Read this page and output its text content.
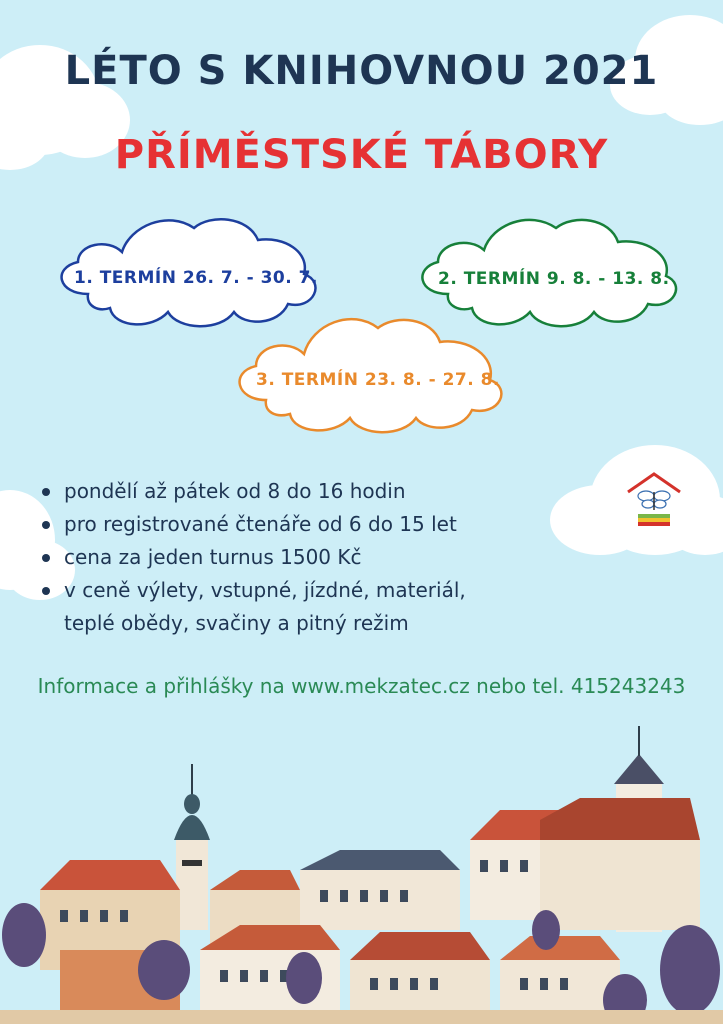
LÉTO S KNIHOVNOU 2021
PŘÍMĚSTSKÉ TÁBORY
1. TERMÍN 26. 7. - 30. 7.	2. TERMÍN 9. 8. - 13. 8.
3. TERMÍN 23. 8. - 27. 8.
pondělí až pátek od 8 do 16 hodin
pro registrované čtenáře od 6 do 15 let
cena za jeden turnus 1500 Kč
v ceně výlety, vstupné, jízdné, materiál,
teplé obědy, svačiny a pitný režim
Informace a přihlášky na www.mekzatec.cz nebo tel. 415243243
